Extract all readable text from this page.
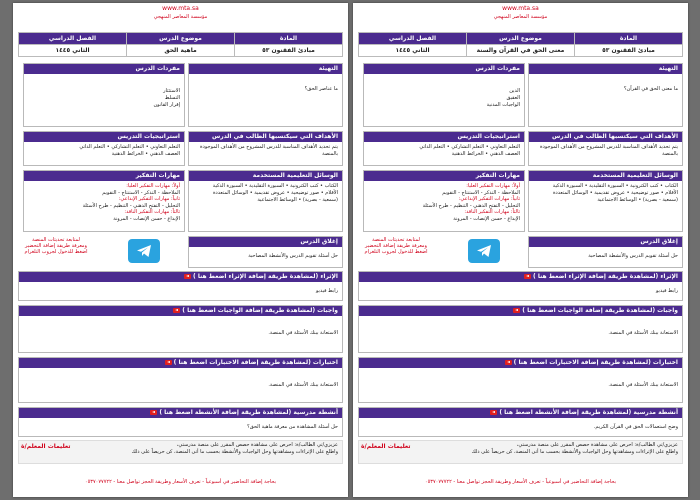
www.mta.sa
مؤسسة المعاصر المنهجي
المادة	موضوع الدرس	الفصل الدراسي
مبادئ الفقنون ٥٣	ماهية الحق	الثاني ١٤٤٥
التهيئة
ما عناصر الحق؟
مفردات الدرس
الاستئثار
التسلط
إقرار القانون
الأهداف التي سيكتسبها الطالب في الدرس
يتم تحديد الأهداف المناسبة للدرس المشروح من الأهداف الموجودة
بالمنصة
استراتيجيات التدريس
التعلم التعاوني • التعلم التشاركي • التعلم الذاتي
العصف الذهني • الخرائط الذهنية
الوسائل التعليمية المستخدمة
الكتاب • كتب الكترونية • السبورة التقليدية • السبورة الذكية
الأقلام • صور توضيحية • عروض تقديمية • الوسائل المتعددة
(سمعية - بصرية) • الوسائط الاجتماعية
مهارات التفكير
أولاً: مهارات التفكير العليا:
الملاحظة - التذكر - الاستنتاج - التقويم
ثانياً: مهارات التفكير الإبداعي:
التحليل - التفتح الذهني - التنظيم - طرح الأسئلة
ثالثاً: مهارات التفكير الناقد:
الإبداع - حسن الإنصات - المرونة
إغلاق الدرس
حل أسئلة تقويم الدرس والأنشطة المصاحبة
لمتابعة تحديثات المنصة
ومعرفة طريقة إضافة التحضير
اضغط للدخول لجروب التلغرام
الإثراء (لمشاهدة طريقة إضافة الإثراء اضغط هنا )
رابط فيديو
واجبات (لمشاهدة طريقة إضافة الواجبات اضغط هنا )
الاستعانة ببنك الأسئلة في المنصة.
اختبارات (لمشاهدة طريقة إضافة الاختبارات اضغط هنا )
الاستعانة ببنك الأسئلة في المنصة.
أنشطة مدرسية (لمشاهدة طريقة إضافة الأنشطة اضغط هنا )
حل أسئلة المشاهدة من معرفة ماهية الحق؟
تعليمات المعلم/ة	عزيزي/تي الطالب/ة: احرص على مشاهدة حصص المقرر على منصة مدرستي،
واطلع على الإثراءات ومشاهدتها وحل الواجبات والأنشطة بحسب ما أتى المنصة، كن حريصاً على ذلك
بحاجة إضافة التحاضير في أسبوعياً - تعرف الأسعار وطريقة الحجز تواصل معنا - ٠٥٣٧٠٧٧٧٢٢
www.mta.sa
مؤسسة المعاصر المنهجي
المادة	موضوع الدرس	الفصل الدراسي
مبادئ الفقنون ٥٣	معنى الحق في القرآن والسنة	الثاني ١٤٤٥
التهيئة
ما معنى الحق في القرآن؟
مفردات الدرس
الدين
العقيق
الواجبات المدنية
الأهداف التي سيكتسبها الطالب في الدرس
يتم تحديد الأهداف المناسبة للدرس المشروح من الأهداف الموجودة
بالمنصة
استراتيجيات التدريس
التعلم التعاوني • التعلم التشاركي • التعلم الذاتي
العصف الذهني • الخرائط الذهنية
الوسائل التعليمية المستخدمة
الكتاب • كتب الكترونية • السبورة التقليدية • السبورة الذكية
الأقلام • صور توضيحية • عروض تقديمية • الوسائل المتعددة
(سمعية - بصرية) • الوسائط الاجتماعية
مهارات التفكير
أولاً: مهارات التفكير العليا:
الملاحظة - التذكر - الاستنتاج - التقويم
ثانياً: مهارات التفكير الإبداعي:
التحليل - التفتح الذهني - التنظيم - طرح الأسئلة
ثالثاً: مهارات التفكير الناقد:
الإبداع - حسن الإنصات - المرونة
إغلاق الدرس
حل أسئلة تقويم الدرس والأنشطة المصاحبة
لمتابعة تحديثات المنصة
ومعرفة طريقة إضافة التحضير
اضغط للدخول لجروب التلغرام
الإثراء (لمشاهدة طريقة إضافة الإثراء اضغط هنا )
رابط فيديو
واجبات (لمشاهدة طريقة إضافة الواجبات اضغط هنا )
الاستعانة ببنك الأسئلة في المنصة.
اختبارات (لمشاهدة طريقة إضافة الاختبارات اضغط هنا )
الاستعانة ببنك الأسئلة في المنصة.
أنشطة مدرسية (لمشاهدة طريقة إضافة الأنشطة اضغط هنا )
وضح استعمالات الحق في القرآن الكريم.
تعليمات المعلم/ة	عزيزي/تي الطالب/ة: احرص على مشاهدة حصص المقرر على منصة مدرستي،
واطلع على الإثراءات ومشاهدتها وحل الواجبات والأنشطة بحسب ما أتى المنصة، كن حريصاً على ذلك
بحاجة إضافة التحاضير في أسبوعياً - تعرف الأسعار وطريقة الحجز تواصل معنا - ٠٥٣٧٠٧٧٧٢٢
